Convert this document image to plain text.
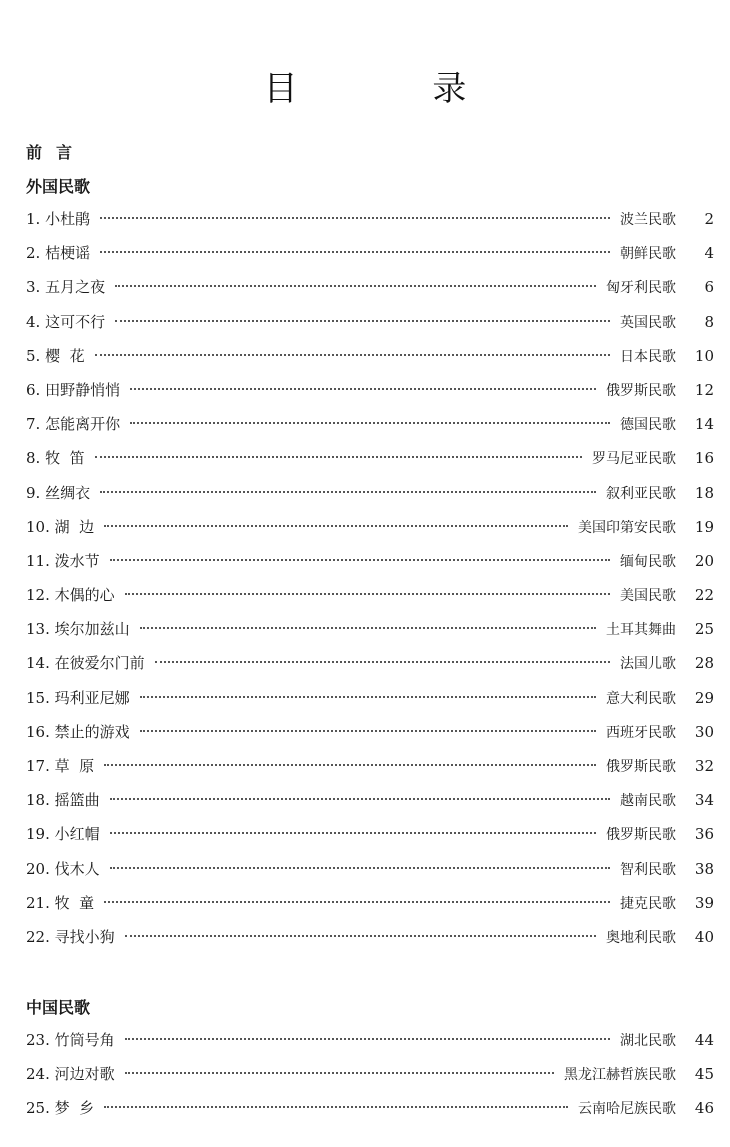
目 录
前言
外国民歌
1. 小杜鹃	波兰民歌	2
2. 桔梗谣	朝鲜民歌	4
3. 五月之夜	匈牙利民歌	6
4. 这可不行	英国民歌	8
5. 樱  花	日本民歌	10
6. 田野静悄悄	俄罗斯民歌	12
7. 怎能离开你	德国民歌	14
8. 牧  笛	罗马尼亚民歌	16
9. 丝绸衣	叙利亚民歌	18
10. 湖  边	美国印第安民歌	19
11. 泼水节	缅甸民歌	20
12. 木偶的心	美国民歌	22
13. 埃尔加兹山	土耳其舞曲	25
14. 在彼爱尔门前	法国儿歌	28
15. 玛利亚尼娜	意大利民歌	29
16. 禁止的游戏	西班牙民歌	30
17. 草  原	俄罗斯民歌	32
18. 摇篮曲	越南民歌	34
19. 小红帽	俄罗斯民歌	36
20. 伐木人	智利民歌	38
21. 牧  童	捷克民歌	39
22. 寻找小狗	奥地利民歌	40
中国民歌
23. 竹筒号角	湖北民歌	44
24. 河边对歌	黑龙江赫哲族民歌	45
25. 梦  乡	云南哈尼族民歌	46
